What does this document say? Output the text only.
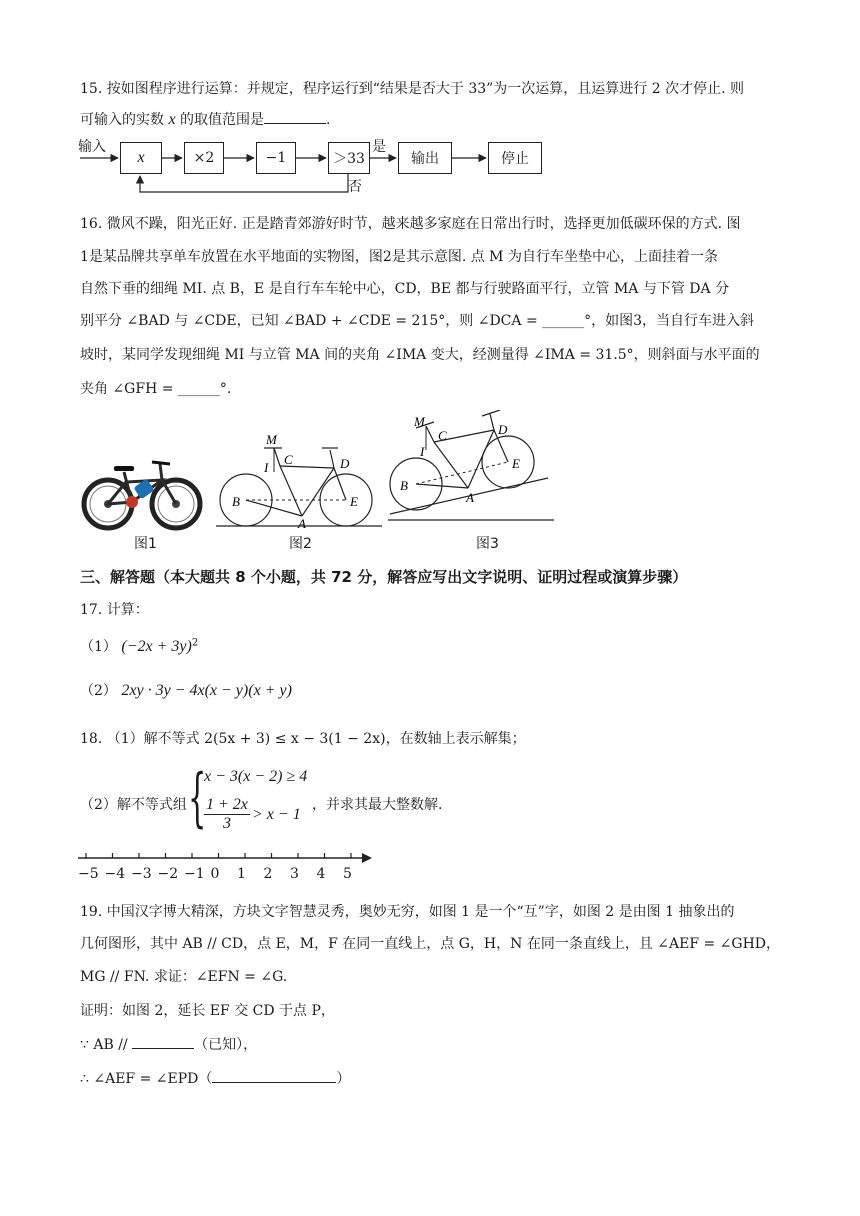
15. 按如图程序进行运算：并规定，程序运行到“结果是否大于 33”为一次运算，且运算进行 2 次才停止. 则
可输入的实数 x 的取值范围是	.
输入
x	×2	−1	＞33
是
否
输出	停止
16. 微风不躁，阳光正好. 正是踏青郊游好时节，越来越多家庭在日常出行时，选择更加低碳环保的方式. 图
1是某品牌共享单车放置在水平地面的实物图，图2是其示意图. 点 M 为自行车坐垫中心，上面挂着一条
自然下垂的细绳 MI. 点 B，E 是自行车车轮中心，CD，BE 都与行驶路面平行，立管 MA 与下管 DA 分
别平分 ∠BAD 与 ∠CDE，已知 ∠BAD + ∠CDE = 215°，则 ∠DCA = ______°，如图3，当自行车进入斜
坡时，某同学发现细绳 MI 与立管 MA 间的夹角 ∠IMA 变大，经测量得 ∠IMA = 31.5°，则斜面与水平面的
夹角 ∠GFH = ______°.
M
I
C	D
B
A
E
M
I
C	D
E
B
A
图1	图2	图3
三、解答题（本大题共 8 个小题，共 72 分，解答应写出文字说明、证明过程或演算步骤）
17. 计算：
（1） $(-2x + 3y)^2$
（2） 2xy · 3y − 4x(x − y)(x + y)
18. （1）解不等式 2(5x + 3) ≤ x − 3(1 − 2x)，在数轴上表示解集；
（2）解不等式组 {
x − 3(x − 2) ≥ 4
$\frac{1 + 2x}{3} > x - 1$
，并求其最大整数解.
−5 −4 −3 −2 −1 0 1 2 3 4 5
19. 中国汉字博大精深，方块文字智慧灵秀，奥妙无穷，如图 1 是一个“互”字，如图 2 是由图 1 抽象出的
几何图形，其中 AB // CD，点 E，M，F 在同一直线上，点 G，H，N 在同一条直线上，且 ∠AEF = ∠GHD，
MG // FN. 求证：∠EFN = ∠G.
证明：如图 2，延长 EF 交 CD 于点 P，
∵ AB //	（已知），
∴ ∠AEF = ∠EPD（	）
